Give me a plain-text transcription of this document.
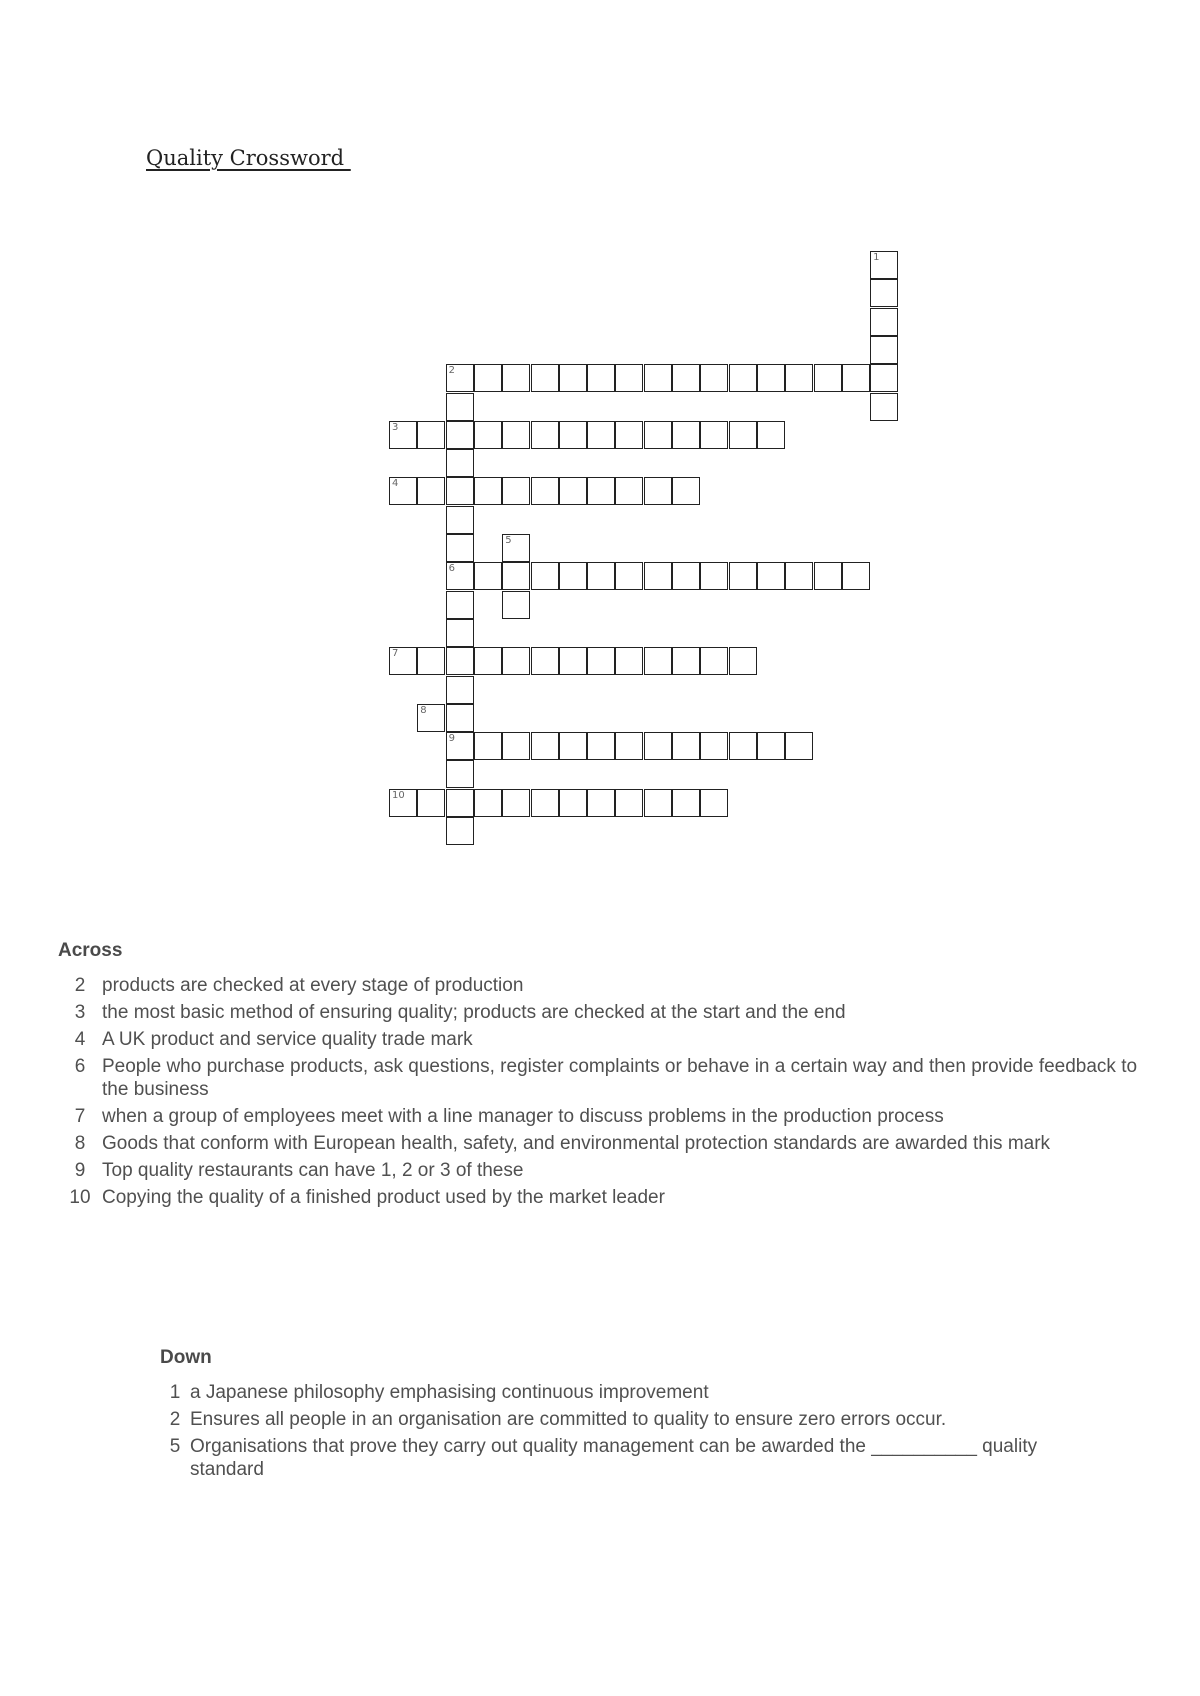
Quality Crossword
1
2
6
9
3
4
5
7
8
10
Across
2 products are checked at every stage of production
3 the most basic method of ensuring quality; products are checked at the start and the end
4 A UK product and service quality trade mark
6 People who purchase products, ask questions, register complaints or behave in a certain way and then provide feedback to the business
7 when a group of employees meet with a line manager to discuss problems in the production process
8 Goods that conform with European health, safety, and environmental protection standards are awarded this mark
9 Top quality restaurants can have 1, 2 or 3 of these
10 Copying the quality of a finished product used by the market leader
Down
1 a Japanese philosophy emphasising continuous improvement
2 Ensures all people in an organisation are committed to quality to ensure zero errors occur.
5 Organisations that prove they carry out quality management can be awarded the __________ quality standard
